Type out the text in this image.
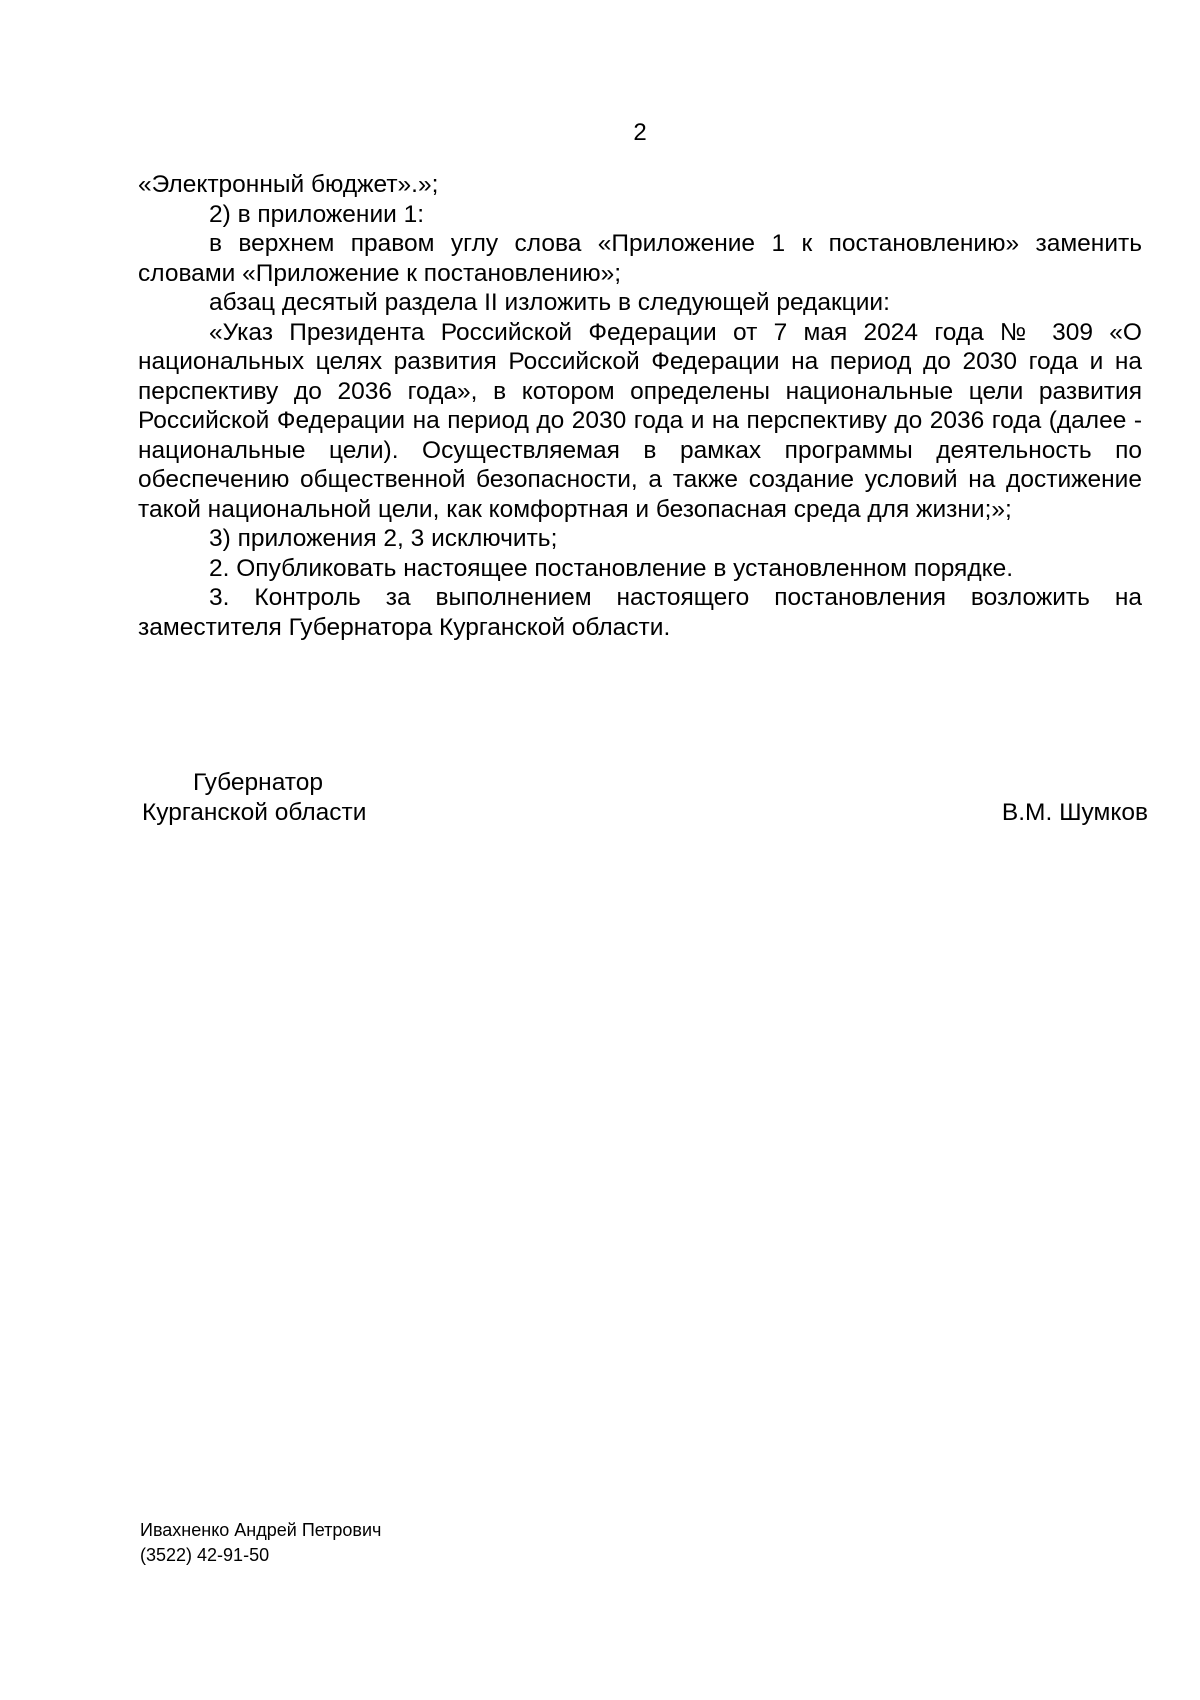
2

«Электронный бюджет».»;

2) в приложении 1:

в верхнем правом углу слова «Приложение 1 к постановлению» заменить словами «Приложение к постановлению»;

абзац десятый раздела II изложить в следующей редакции:

«Указ Президента Российской Федерации от 7 мая 2024 года № 309 «О национальных целях развития Российской Федерации на период до 2030 года и на перспективу до 2036 года», в котором определены национальные цели развития Российской Федерации на период до 2030 года и на перспективу до 2036 года (далее - национальные цели). Осуществляемая в рамках программы деятельность по обеспечению общественной безопасности, а также создание условий на достижение такой национальной цели, как комфортная и безопасная среда для жизни;»;

3) приложения 2, 3 исключить;

2. Опубликовать настоящее постановление в установленном порядке.

3. Контроль за выполнением настоящего постановления возложить на заместителя Губернатора Курганской области.

Губернатор
Курганской области	В.М. Шумков
Ивахненко Андрей Петрович
(3522) 42-91-50
